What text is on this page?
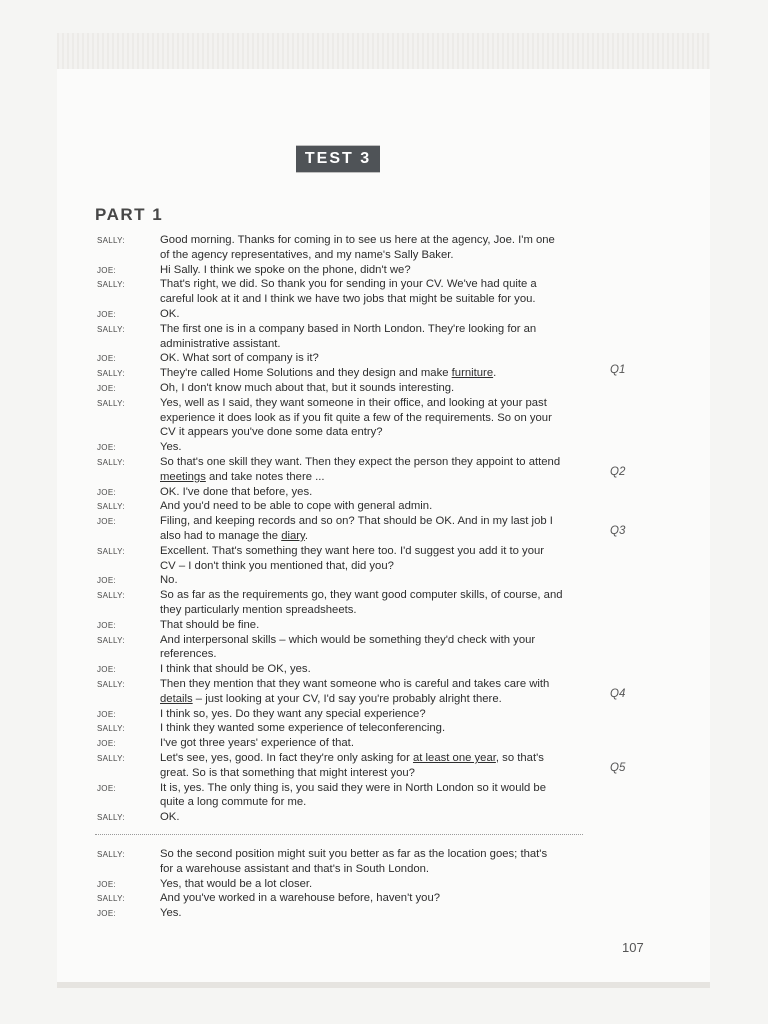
TEST 3
PART 1
SALLY:	Good morning. Thanks for coming in to see us here at the agency, Joe. I'm one
of the agency representatives, and my name's Sally Baker.
JOE:	Hi Sally. I think we spoke on the phone, didn't we?
SALLY:	That's right, we did. So thank you for sending in your CV. We've had quite a
careful look at it and I think we have two jobs that might be suitable for you.
JOE:	OK.
SALLY:	The first one is in a company based in North London. They're looking for an
administrative assistant.
JOE:	OK. What sort of company is it?
SALLY:	They're called Home Solutions and they design and make furniture.	Q1
JOE:	Oh, I don't know much about that, but it sounds interesting.
SALLY:	Yes, well as I said, they want someone in their office, and looking at your past
experience it does look as if you fit quite a few of the requirements. So on your
CV it appears you've done some data entry?
JOE:	Yes.
SALLY:	So that's one skill they want. Then they expect the person they appoint to attend
meetings and take notes there ...	Q2
JOE:	OK. I've done that before, yes.
SALLY:	And you'd need to be able to cope with general admin.
JOE:	Filing, and keeping records and so on? That should be OK. And in my last job I
also had to manage the diary.	Q3
SALLY:	Excellent. That's something they want here too. I'd suggest you add it to your
CV – I don't think you mentioned that, did you?
JOE:	No.
SALLY:	So as far as the requirements go, they want good computer skills, of course, and
they particularly mention spreadsheets.
JOE:	That should be fine.
SALLY:	And interpersonal skills – which would be something they'd check with your
references.
JOE:	I think that should be OK, yes.
SALLY:	Then they mention that they want someone who is careful and takes care with
details – just looking at your CV, I'd say you're probably alright there.	Q4
JOE:	I think so, yes. Do they want any special experience?
SALLY:	I think they wanted some experience of teleconferencing.
JOE:	I've got three years' experience of that.
SALLY:	Let's see, yes, good. In fact they're only asking for at least one year, so that's
great. So is that something that might interest you?	Q5
JOE:	It is, yes. The only thing is, you said they were in North London so it would be
quite a long commute for me.
SALLY:	OK.
SALLY:	So the second position might suit you better as far as the location goes; that's
for a warehouse assistant and that's in South London.
JOE:	Yes, that would be a lot closer.
SALLY:	And you've worked in a warehouse before, haven't you?
JOE:	Yes.
107
